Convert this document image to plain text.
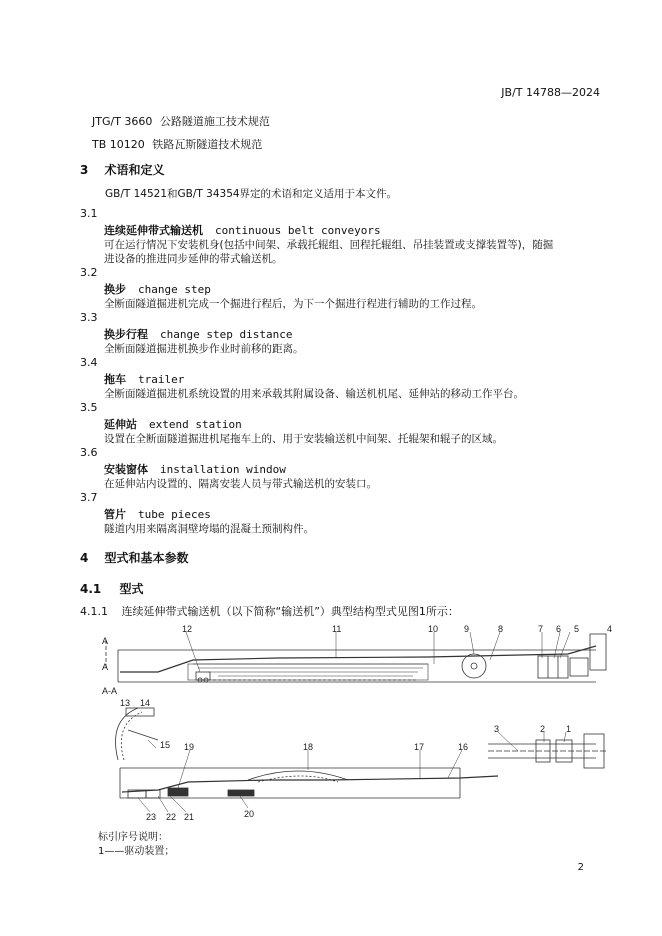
JB/T 14788—2024
JTG/T 3660 公路隧道施工技术规范
TB 10120 铁路瓦斯隧道技术规范
3 术语和定义
GB/T 14521和GB/T 34354界定的术语和定义适用于本文件。
3.1
连续延伸带式输送机 continuous belt conveyors
可在运行情况下安装机身(包括中间架、承载托辊组、回程托辊组、吊挂装置或支撑装置等)，随掘
进设备的推进同步延伸的带式输送机。
3.2
换步 change step
全断面隧道掘进机完成一个掘进行程后，为下一个掘进行程进行辅助的工作过程。
3.3
换步行程 change step distance
全断面隧道掘进机换步作业时前移的距离。
3.4
拖车 trailer
全断面隧道掘进机系统设置的用来承载其附属设备、输送机机尾、延伸站的移动工作平台。
3.5
延伸站 extend station
设置在全断面隧道掘进机尾拖车上的、用于安装输送机中间架、托辊架和辊子的区域。
3.6
安装窗体 installation window
在延伸站内设置的、隔离安装人员与带式输送机的安装口。
3.7
管片 tube pieces
隧道内用来隔离洞壁垮塌的混凝土预制构件。
4 型式和基本参数
4.1 型式
4.1.1 连续延伸带式输送机（以下简称“输送机”）典型结构型式见图1所示：
1
2
3
4
5
6
7
8
9
10
11
12
13 14
15	16
17
18
19
20
21
22
23
A
A
A-A
标引序号说明：
1——驱动装置；
2
